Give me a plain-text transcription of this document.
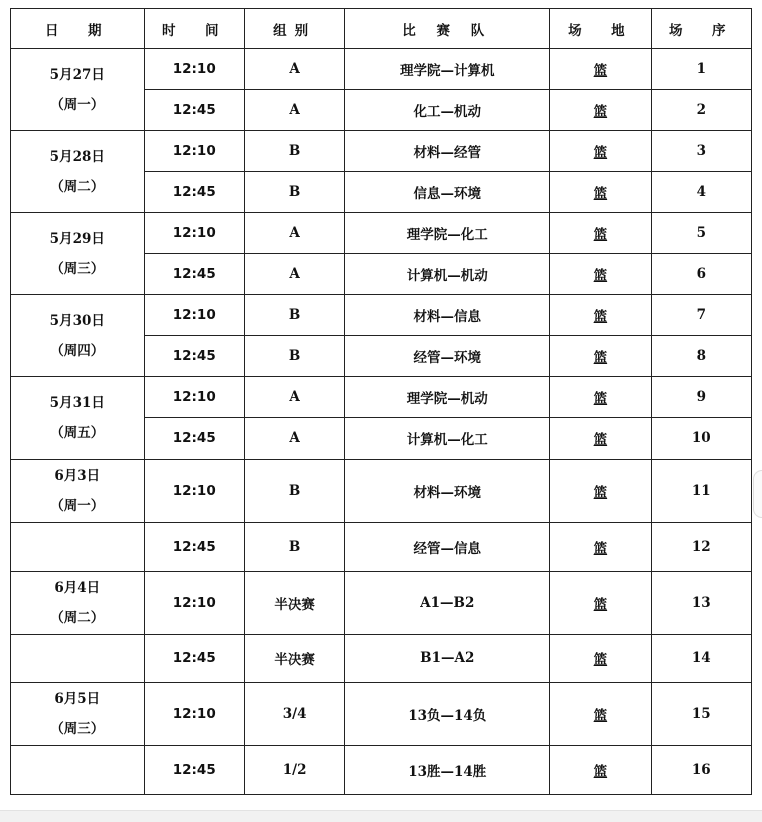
日　期	时　间	组别	比 赛 队	场　地	场　序

5月27日
（周一）	12:10	A	理学院—计算机	篮	1
	12:45	A	化工—机动	篮	2

5月28日
（周二）	12:10	B	材料—经管	篮	3
	12:45	B	信息—环境	篮	4

5月29日
（周三）	12:10	A	理学院—化工	篮	5
	12:45	A	计算机—机动	篮	6

5月30日
（周四）	12:10	B	材料—信息	篮	7
	12:45	B	经管—环境	篮	8

5月31日
（周五）	12:10	A	理学院—机动	篮	9
	12:45	A	计算机—化工	篮	10

6月3日
（周一）	12:10	B	材料—环境	篮	11
	12:45	B	经管—信息	篮	12

6月4日
（周二）	12:10	半决赛	A1—B2	篮	13
	12:45	半决赛	B1—A2	篮	14

6月5日
（周三）	12:10	3/4	13负—14负	篮	15
	12:45	1/2	13胜—14胜	篮	16
